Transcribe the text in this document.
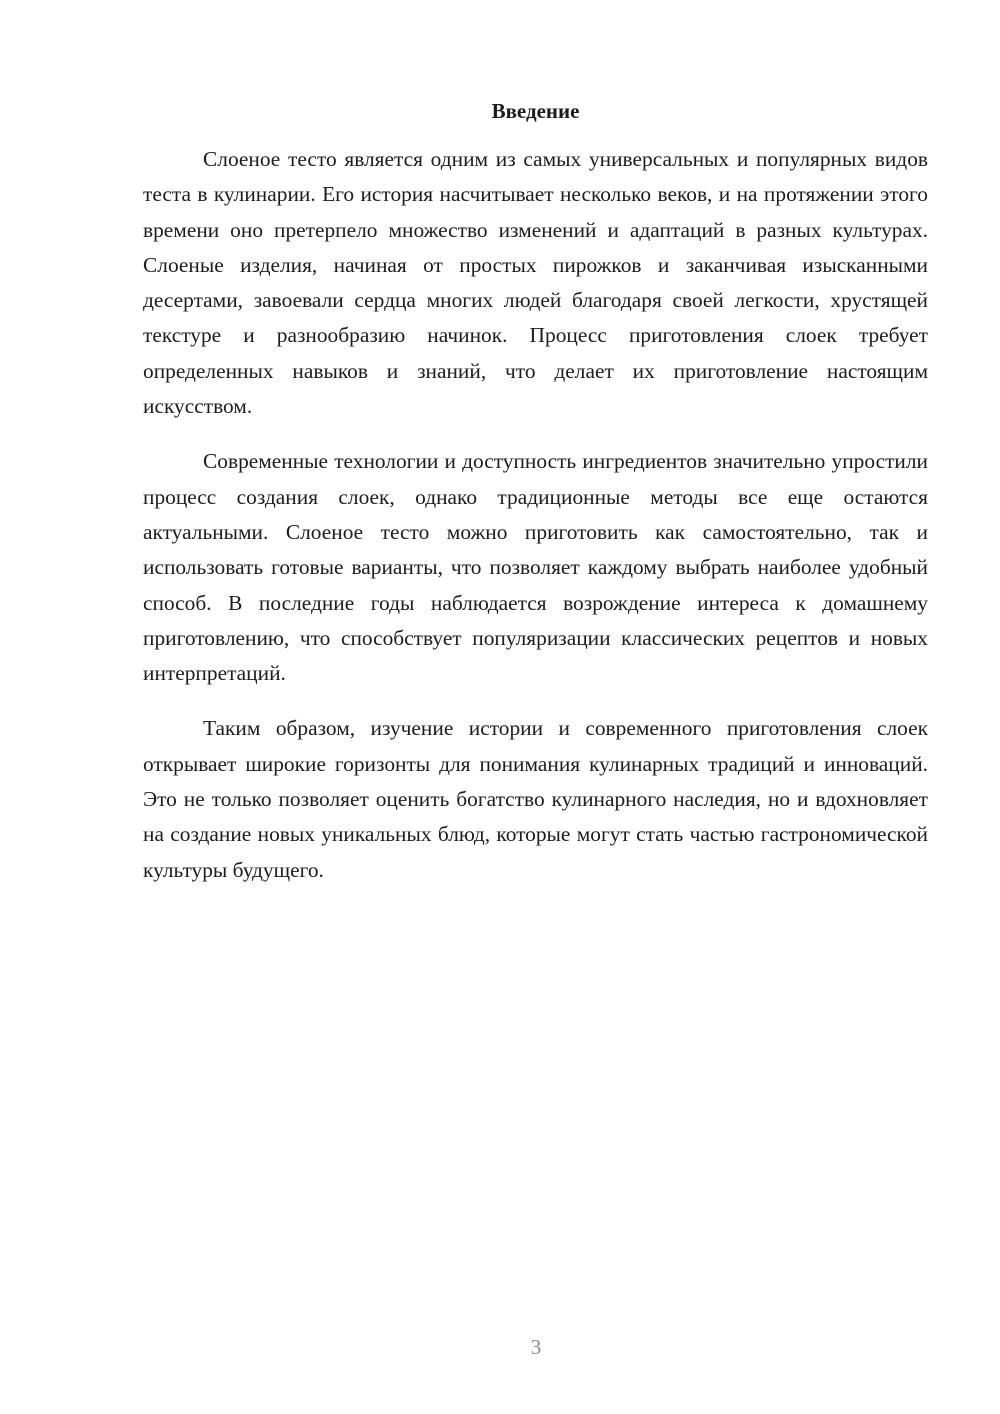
Введение

Слоеное тесто является одним из самых универсальных и популярных видов теста в кулинарии. Его история насчитывает несколько веков, и на протяжении этого времени оно претерпело множество изменений и адаптаций в разных культурах. Слоеные изделия, начиная от простых пирожков и заканчивая изысканными десертами, завоевали сердца многих людей благодаря своей легкости, хрустящей текстуре и разнообразию начинок. Процесс приготовления слоек требует определенных навыков и знаний, что делает их приготовление настоящим искусством.

Современные технологии и доступность ингредиентов значительно упростили процесс создания слоек, однако традиционные методы все еще остаются актуальными. Слоеное тесто можно приготовить как самостоятельно, так и использовать готовые варианты, что позволяет каждому выбрать наиболее удобный способ. В последние годы наблюдается возрождение интереса к домашнему приготовлению, что способствует популяризации классических рецептов и новых интерпретаций.

Таким образом, изучение истории и современного приготовления слоек открывает широкие горизонты для понимания кулинарных традиций и инноваций. Это не только позволяет оценить богатство кулинарного наследия, но и вдохновляет на создание новых уникальных блюд, которые могут стать частью гастрономической культуры будущего.

3
